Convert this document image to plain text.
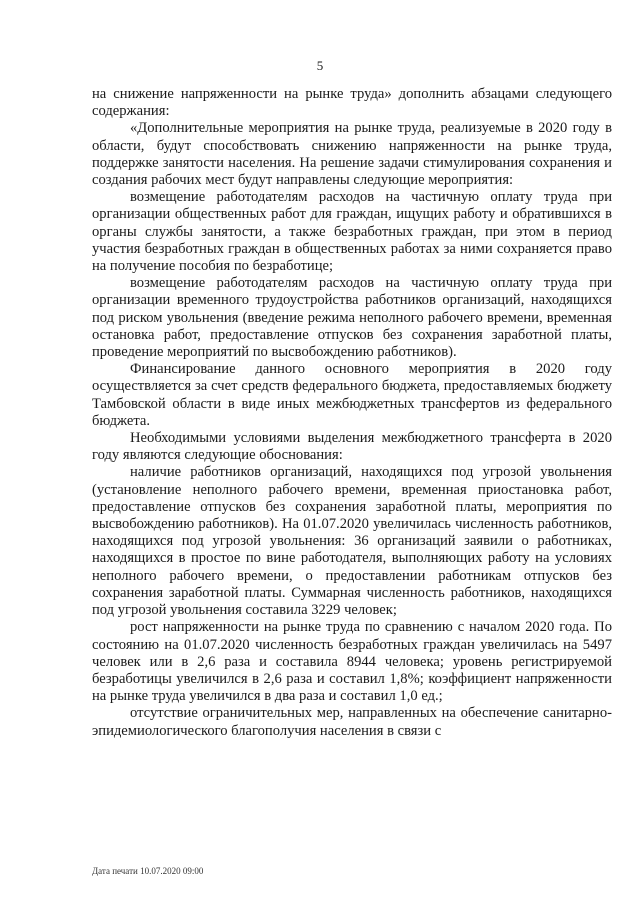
5

на снижение напряженности на рынке труда» дополнить абзацами следующего содержания:

«Дополнительные мероприятия на рынке труда, реализуемые в 2020 году в области, будут способствовать снижению напряженности на рынке труда, поддержке занятости населения. На решение задачи стимулирования сохранения и создания рабочих мест будут направлены следующие мероприятия:

возмещение работодателям расходов на частичную оплату труда при организации общественных работ для граждан, ищущих работу и обратившихся в органы службы занятости, а также безработных граждан, при этом в период участия безработных граждан в общественных работах за ними сохраняется право на получение пособия по безработице;

возмещение работодателям расходов на частичную оплату труда при организации временного трудоустройства работников организаций, находящихся под риском увольнения (введение режима неполного рабочего времени, временная остановка работ, предоставление отпусков без сохранения заработной платы, проведение мероприятий по высвобождению работников).

Финансирование данного основного мероприятия в 2020 году осуществляется за счет средств федерального бюджета, предоставляемых бюджету Тамбовской области в виде иных межбюджетных трансфертов из федерального бюджета.

Необходимыми условиями выделения межбюджетного трансферта в 2020 году являются следующие обоснования:

наличие работников организаций, находящихся под угрозой увольнения (установление неполного рабочего времени, временная приостановка работ, предоставление отпусков без сохранения заработной платы, мероприятия по высвобождению работников). На 01.07.2020 увеличилась численность работников, находящихся под угрозой увольнения: 36 организаций заявили о работниках, находящихся в простое по вине работодателя, выполняющих работу на условиях неполного рабочего времени, о предоставлении работникам отпусков без сохранения заработной платы. Суммарная численность работников, находящихся под угрозой увольнения составила 3229 человек;

рост напряженности на рынке труда по сравнению с началом 2020 года. По состоянию на 01.07.2020 численность безработных граждан увеличилась на 5497 человек или в 2,6 раза и составила 8944 человека; уровень регистрируемой безработицы увеличился в 2,6 раза и составил 1,8%; коэффициент напряженности на рынке труда увеличился в два раза и составил 1,0 ед.;

отсутствие ограничительных мер, направленных на обеспечение санитарно-эпидемиологического благополучия населения в связи с

Дата печати 10.07.2020 09:00
